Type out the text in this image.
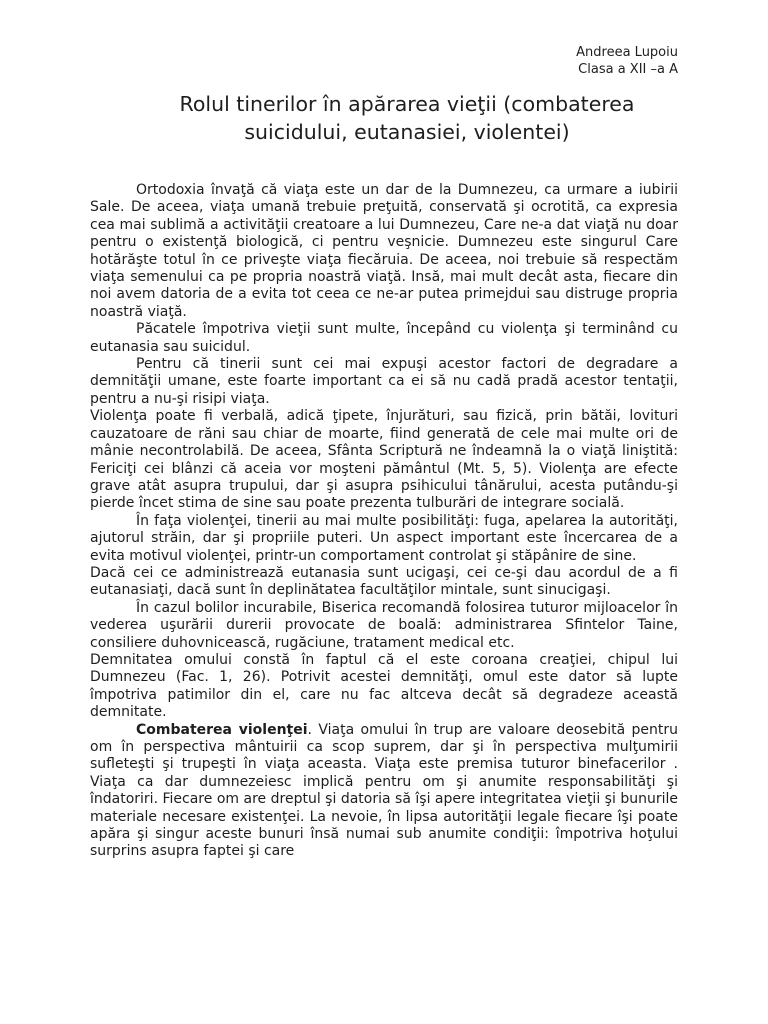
Andreea Lupoiu
Clasa a XII –a A
Rolul tinerilor în apărarea vieţii (combaterea
suicidului, eutanasiei, violentei)

Ortodoxia învaţă că viaţa este un dar de la Dumnezeu, ca urmare a iubirii Sale. De aceea, viaţa umană trebuie preţuită, conservată şi ocrotită, ca expresia cea mai sublimă a activităţii creatoare a lui Dumnezeu, Care ne-a dat viaţă nu doar pentru o existenţă biologică, ci pentru veşnicie. Dumnezeu este singurul Care hotărăşte totul în ce priveşte viaţa fiecăruia. De aceea, noi trebuie să respectăm viaţa semenului ca pe propria noastră viaţă. Insă, mai mult decât asta, fiecare din noi avem datoria de a evita tot ceea ce ne-ar putea primejdui sau distruge propria noastră viaţă.

Păcatele împotriva vieţii sunt multe, începând cu violenţa şi terminând cu eutanasia sau suicidul.

Pentru că tinerii sunt cei mai expuşi acestor factori de degradare a demnităţii umane, este foarte important ca ei să nu cadă pradă acestor tentaţii, pentru a nu-şi risipi viaţa.

Violenţa poate fi verbală, adică ţipete, înjurături, sau fizică, prin bătăi, lovituri cauzatoare de răni sau chiar de moarte, fiind generată de cele mai multe ori de mânie necontrolabilă. De aceea, Sfânta Scriptură ne îndeamnă la o viaţă liniştită: Fericiţi cei blânzi că aceia vor moşteni pământul (Mt. 5, 5). Violenţa are efecte grave atât asupra trupului, dar şi asupra psihicului tânărului, acesta putându-şi pierde încet stima de sine sau poate prezenta tulburări de integrare socială.

În faţa violenţei, tinerii au mai multe posibilităţi: fuga, apelarea la autorităţi, ajutorul străin, dar şi propriile puteri. Un aspect important este încercarea de a evita motivul violenţei, printr-un comportament controlat şi stăpânire de sine.

Dacă cei ce administrează eutanasia sunt ucigaşi, cei ce-şi dau acordul de a fi eutanasiaţi, dacă sunt în deplinătatea facultăţilor mintale, sunt sinucigaşi.

În cazul bolilor incurabile, Biserica recomandă folosirea tuturor mijloacelor în vederea uşurării durerii provocate de boală: administrarea Sfintelor Taine, consiliere duhovnicească, rugăciune, tratament medical etc.

Demnitatea omului constă în faptul că el este coroana creaţiei, chipul lui Dumnezeu (Fac. 1, 26). Potrivit acestei demnităţi, omul este dator să lupte împotriva patimilor din el, care nu fac altceva decât să degradeze această demnitate.

Combaterea violenţei. Viaţa omului în trup are valoare deosebită pentru om în perspectiva mântuirii ca scop suprem, dar şi în perspectiva mulţumirii sufleteşti şi trupeşti în viaţa aceasta. Viaţa este premisa tuturor binefacerilor . Viaţa ca dar dumnezeiesc implică pentru om şi anumite responsabilităţi şi îndatoriri. Fiecare om are dreptul şi datoria să îşi apere integritatea vieţii şi bunurile materiale necesare existenţei. La nevoie, în lipsa autorităţii legale fiecare îşi poate apăra şi singur aceste bunuri însă numai sub anumite condiţii: împotriva hoţului surprins asupra faptei şi care
